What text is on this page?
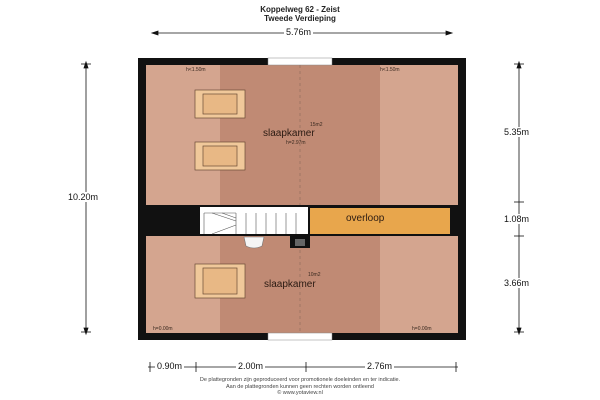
Koppelweg 62 - Zeist
Tweede Verdieping
5.76m
10.20m
5.35m
1.08m
3.66m
0.90m	2.00m	2.76m
h<1.50m	h<1.50m
15m2
slaapkamer
h=2.97m
overloop
10m2
slaapkamer
h=0.00m	h=0.00m
De plattegronden zijn geproduceerd voor promotionele doeleinden en ter indicatie.
Aan de plattegronden kunnen geen rechten worden ontleend
© www.yotaview.nl
